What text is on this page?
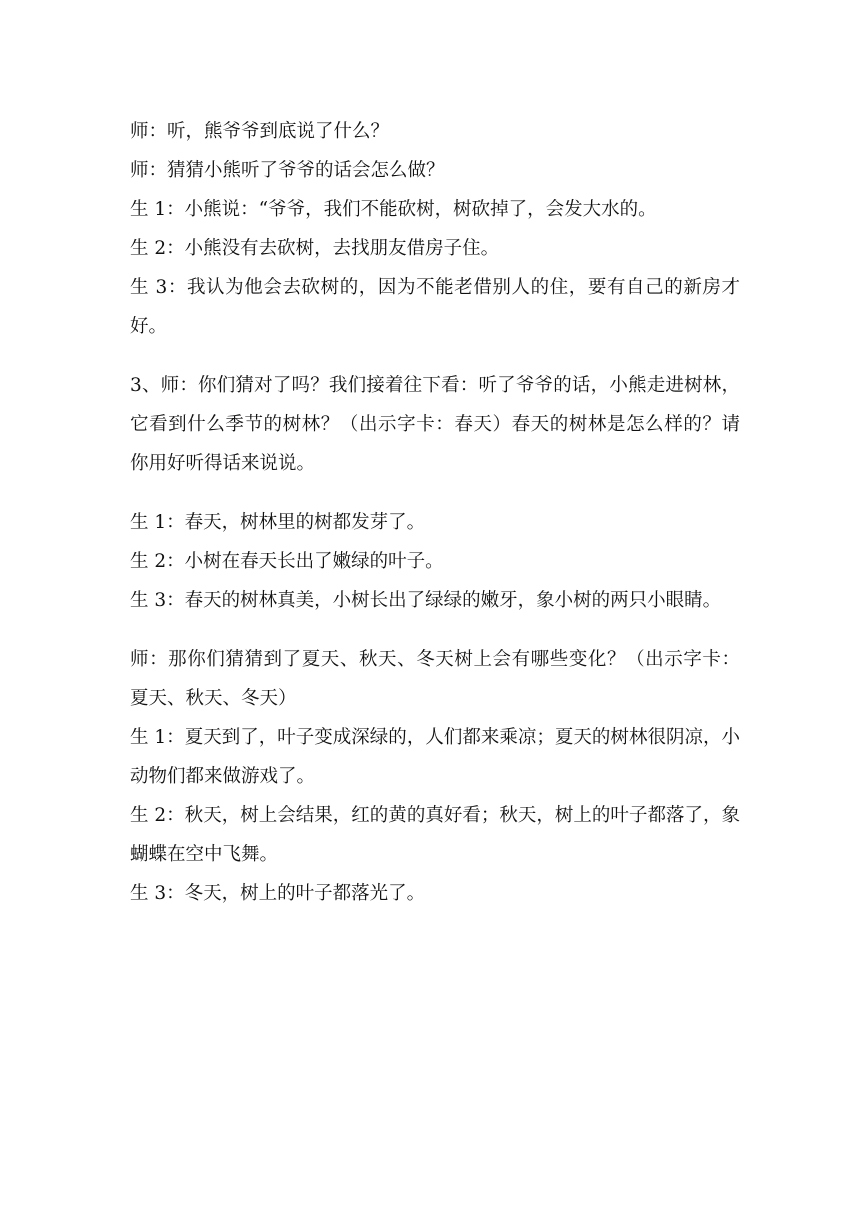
师：听，熊爷爷到底说了什么？

师：猜猜小熊听了爷爷的话会怎么做？

生 1：小熊说：“爷爷，我们不能砍树，树砍掉了，会发大水的。

生 2：小熊没有去砍树，去找朋友借房子住。

生 3：我认为他会去砍树的，因为不能老借别人的住，要有自己的新房才好。

3、师：你们猜对了吗？我们接着往下看：听了爷爷的话，小熊走进树林，它看到什么季节的树林？（出示字卡：春天）春天的树林是怎么样的？请你用好听得话来说说。

生 1：春天，树林里的树都发芽了。

生 2：小树在春天长出了嫩绿的叶子。

生 3：春天的树林真美，小树长出了绿绿的嫩牙，象小树的两只小眼睛。

师：那你们猜猜到了夏天、秋天、冬天树上会有哪些变化？（出示字卡：夏天、秋天、冬天）

生 1：夏天到了，叶子变成深绿的，人们都来乘凉；夏天的树林很阴凉，小动物们都来做游戏了。

生 2：秋天，树上会结果，红的黄的真好看；秋天，树上的叶子都落了，象蝴蝶在空中飞舞。

生 3：冬天，树上的叶子都落光了。
